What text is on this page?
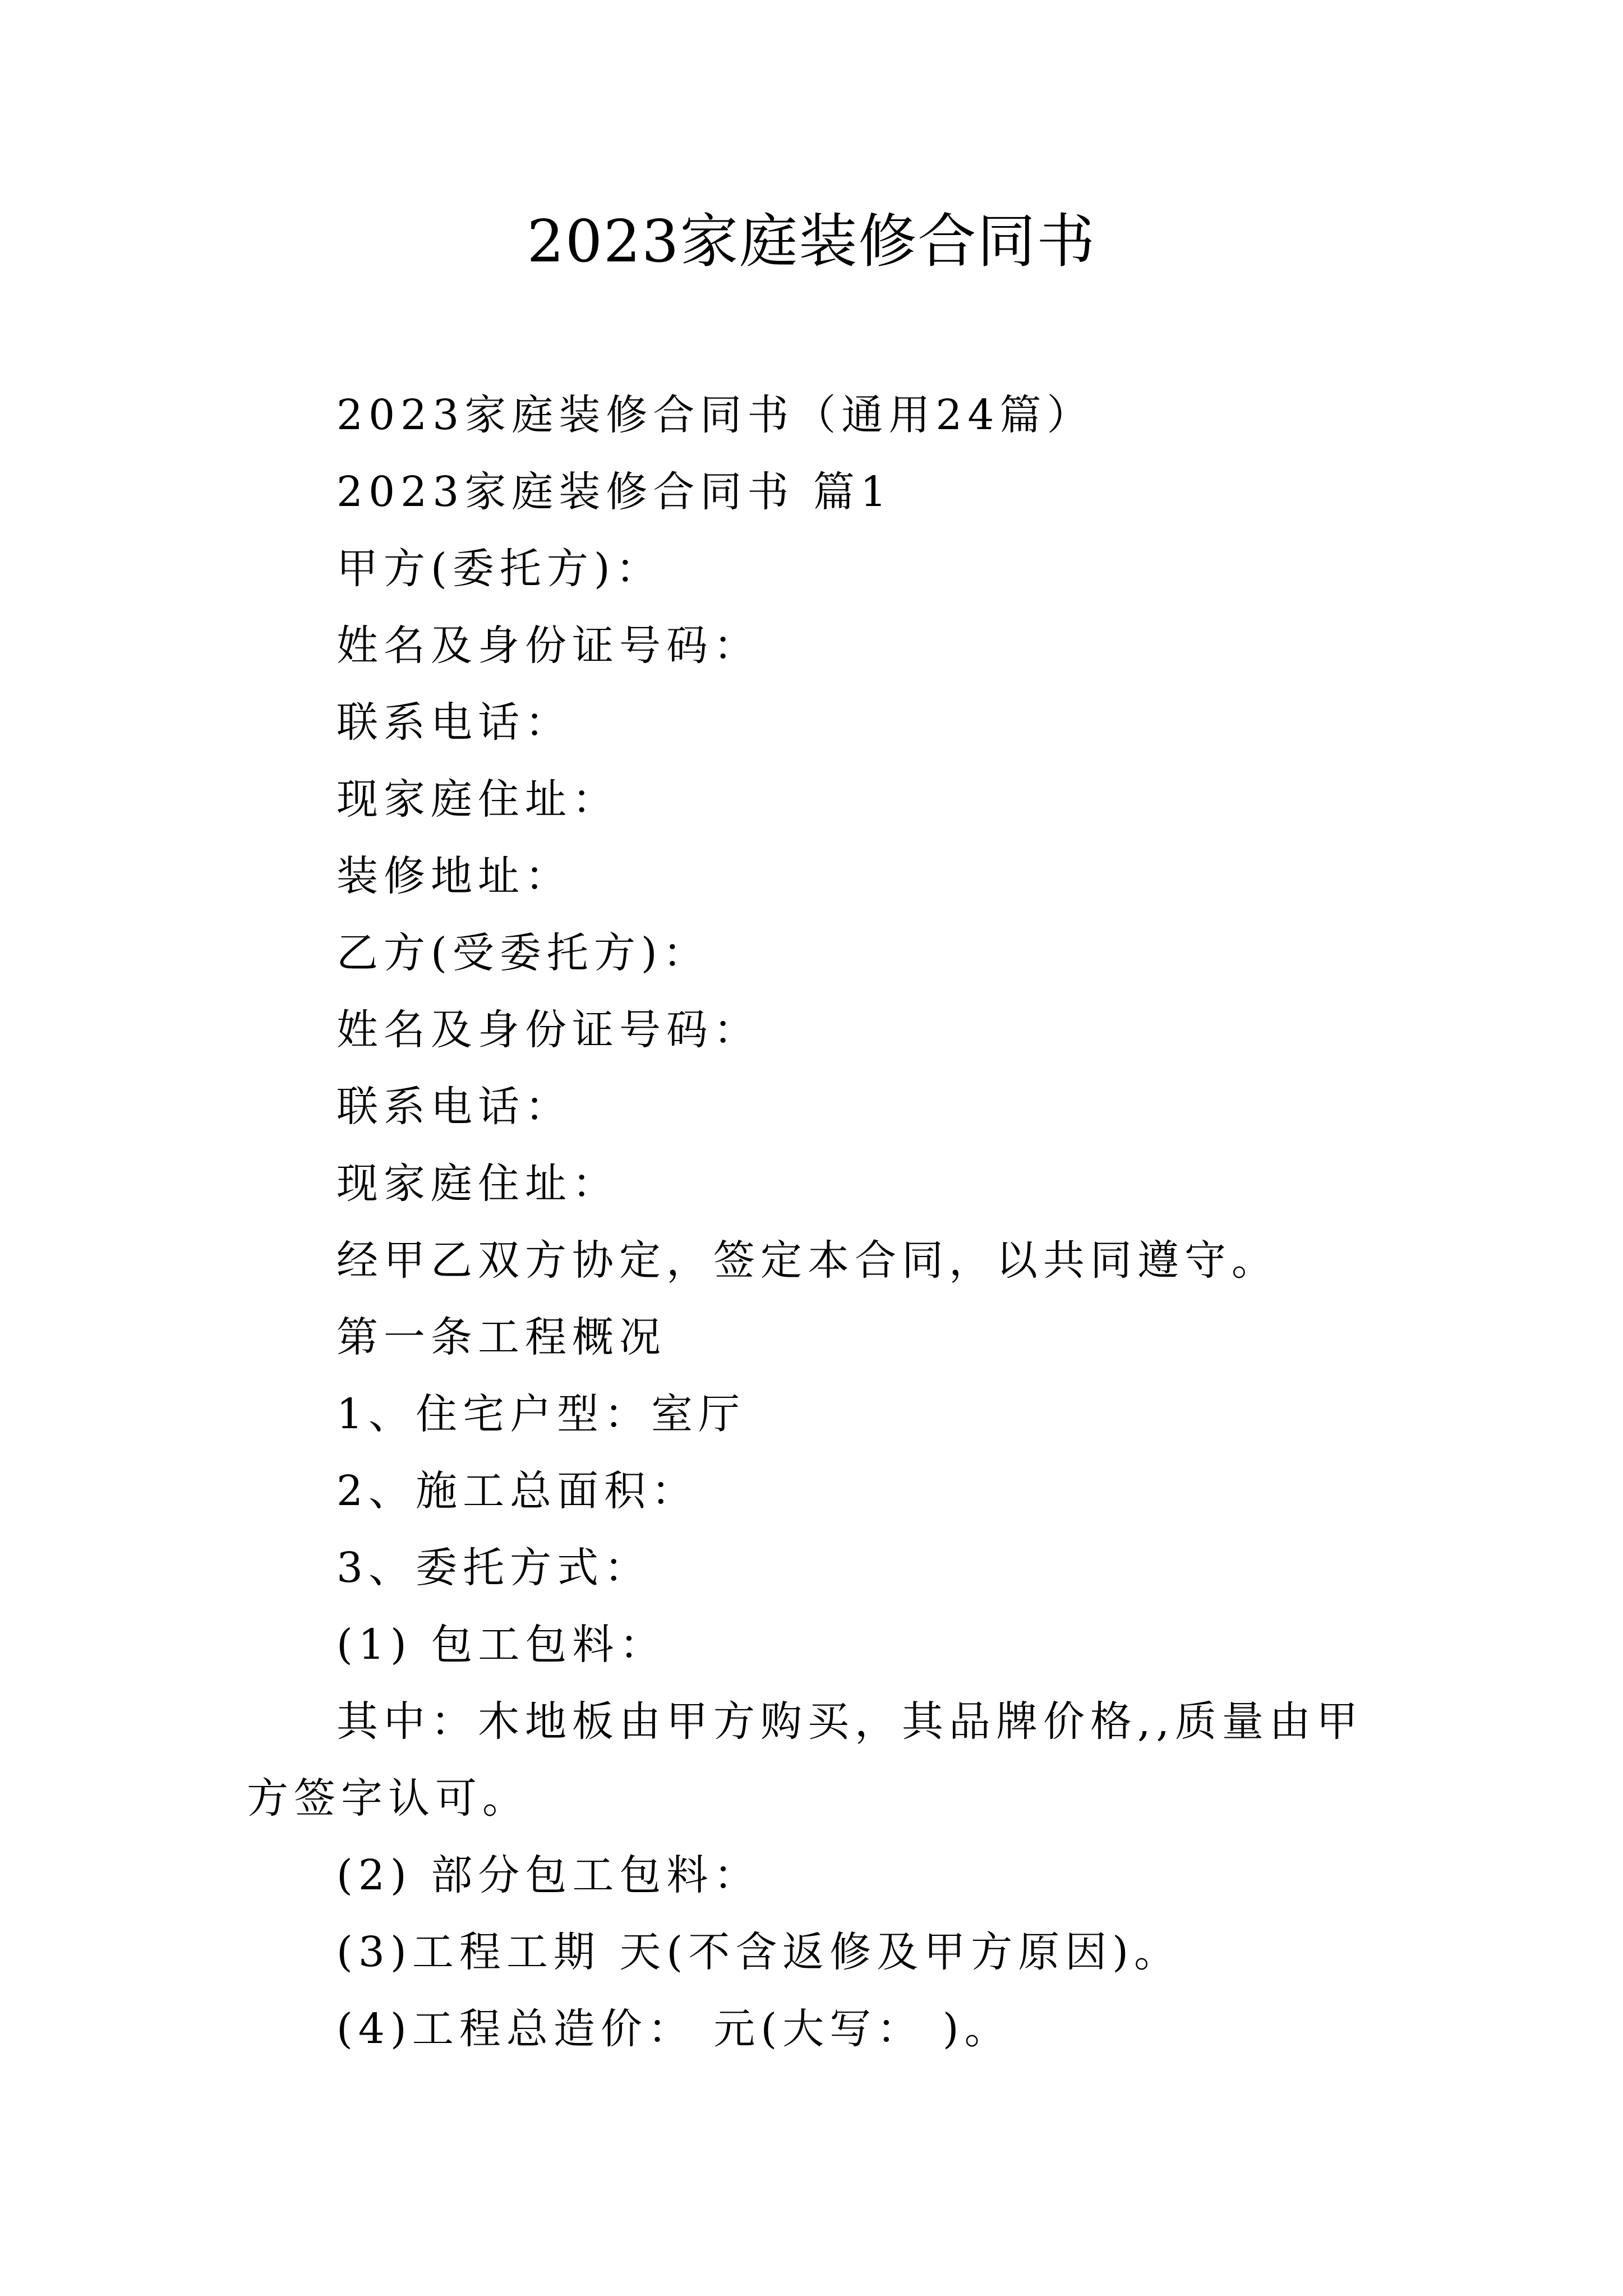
2023家庭装修合同书

2023家庭装修合同书（通用24篇）

2023家庭装修合同书 篇1

甲方(委托方)：

姓名及身份证号码：

联系电话：

现家庭住址：

装修地址：

乙方(受委托方)：

姓名及身份证号码：

联系电话：

现家庭住址：

经甲乙双方协定，签定本合同，以共同遵守。

第一条工程概况

1、住宅户型：室厅

2、施工总面积：

3、委托方式：

(1) 包工包料：

其中：木地板由甲方购买，其品牌价格,,质量由甲方签字认可。

(2) 部分包工包料：

(3)工程工期 天(不含返修及甲方原因)。

(4)工程总造价： 元(大写： )。
